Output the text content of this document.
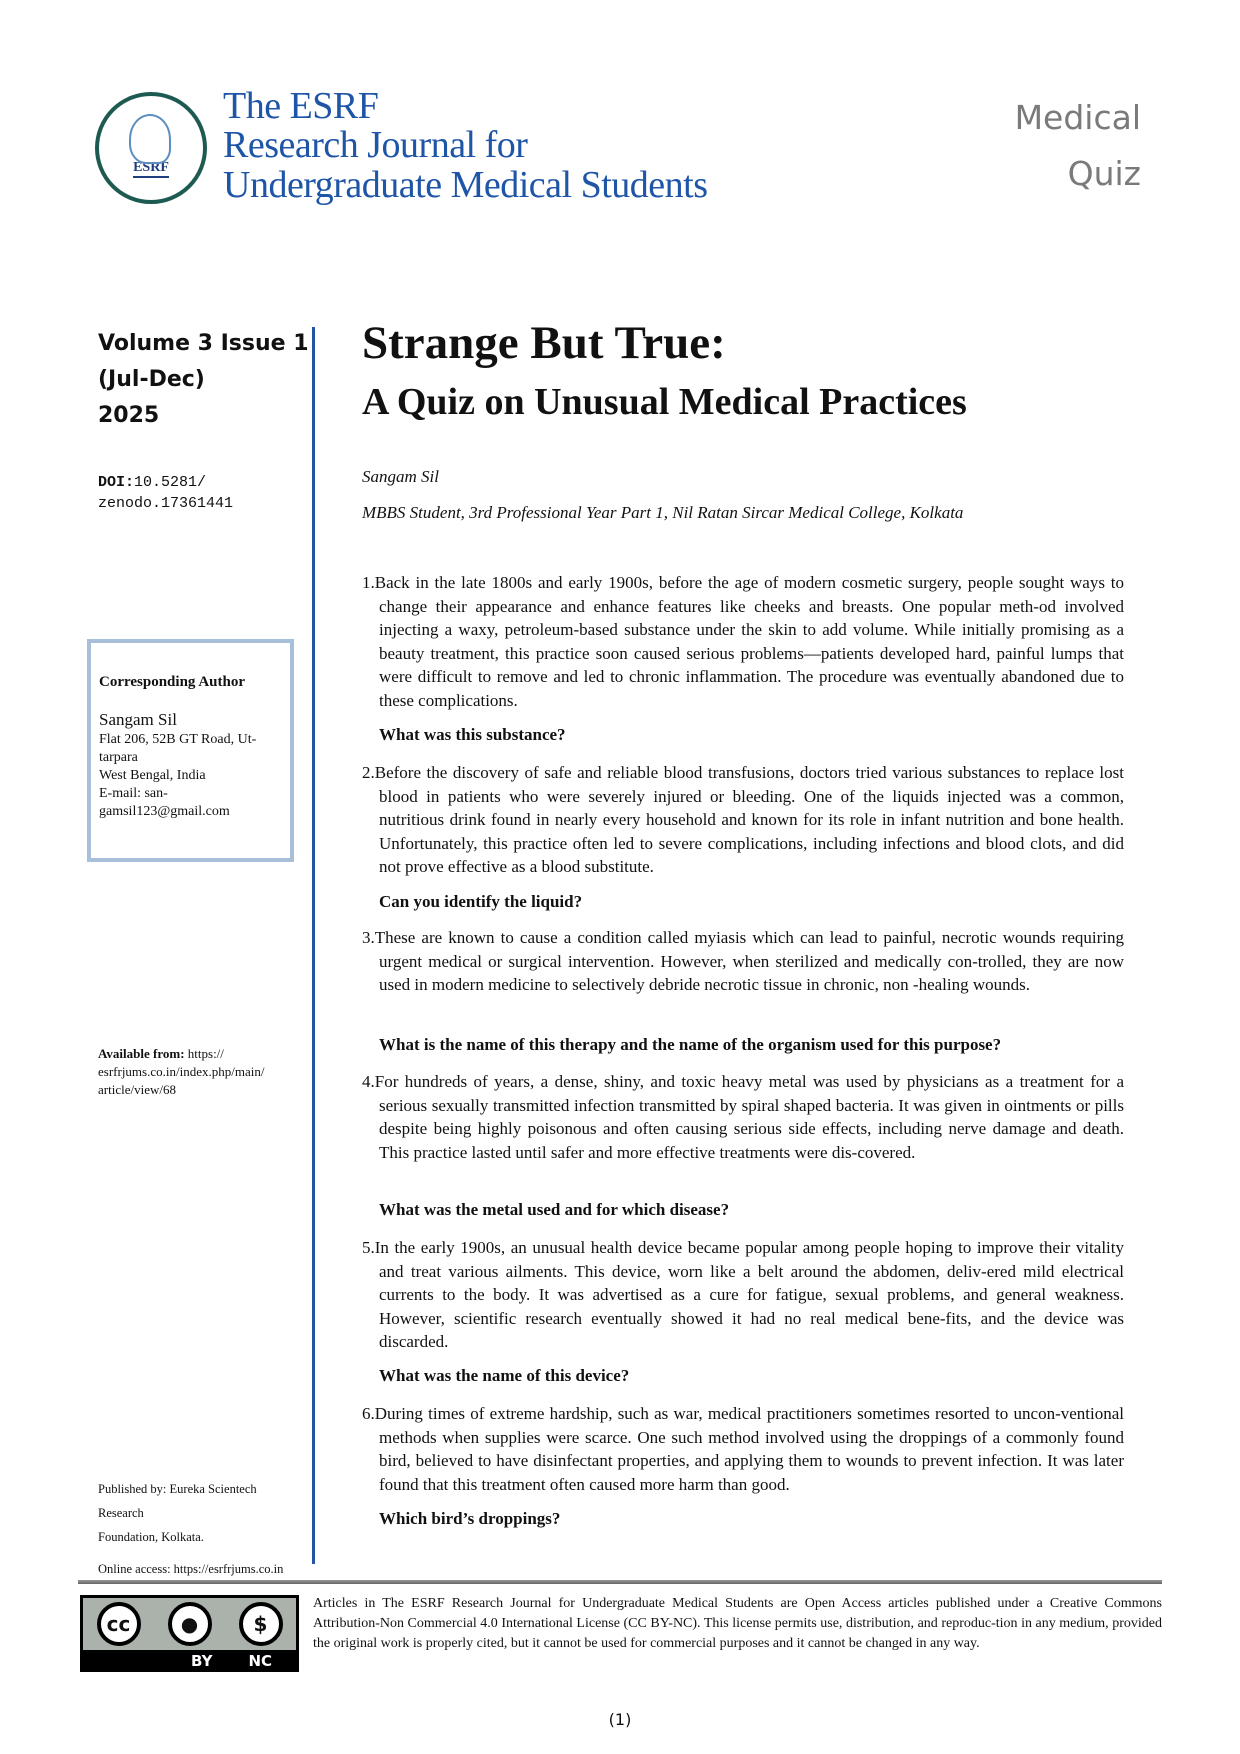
ESRF
The ESRF
Research Journal for
Undergraduate Medical Students
Medical
Quiz
Volume 3 Issue 1
(Jul-Dec)
2025
DOI:10.5281/
zenodo.17361441
Corresponding Author
Sangam Sil
Flat 206, 52B GT Road, Ut-
tarpara
West Bengal, India
E-mail: san-
gamsil123@gmail.com
Available from: https://
esrfrjums.co.in/index.php/main/
article/view/68
Published by: Eureka Scientech Research
Foundation, Kolkata.
Online access: https://esrfrjums.co.in
Strange But True:
A Quiz on Unusual Medical Practices
Sangam Sil
MBBS Student, 3rd Professional Year Part 1, Nil Ratan Sircar Medical College, Kolkata
1.Back in the late 1800s and early 1900s, before the age of modern cosmetic surgery, people sought ways to change their appearance and enhance features like cheeks and breasts. One popular meth-od involved injecting a waxy, petroleum-based substance under the skin to add volume. While initially promising as a beauty treatment, this practice soon caused serious problems—patients developed hard, painful lumps that were difficult to remove and led to chronic inflammation. The procedure was eventually abandoned due to these complications.
What was this substance?
2.Before the discovery of safe and reliable blood transfusions, doctors tried various substances to replace lost blood in patients who were severely injured or bleeding. One of the liquids injected was a common, nutritious drink found in nearly every household and known for its role in infant nutrition and bone health. Unfortunately, this practice often led to severe complications, including infections and blood clots, and did not prove effective as a blood substitute.
Can you identify the liquid?
3.These are known to cause a condition called myiasis which can lead to painful, necrotic wounds requiring urgent medical or surgical intervention. However, when sterilized and medically con-trolled, they are now used in modern medicine to selectively debride necrotic tissue in chronic, non -healing wounds.
What is the name of this therapy and the name of the organism used for this purpose?
4.For hundreds of years, a dense, shiny, and toxic heavy metal was used by physicians as a treatment for a serious sexually transmitted infection transmitted by spiral shaped bacteria. It was given in ointments or pills despite being highly poisonous and often causing serious side effects, including nerve damage and death. This practice lasted until safer and more effective treatments were dis-covered.
What was the metal used and for which disease?
5.In the early 1900s, an unusual health device became popular among people hoping to improve their vitality and treat various ailments. This device, worn like a belt around the abdomen, deliv-ered mild electrical currents to the body. It was advertised as a cure for fatigue, sexual problems, and general weakness. However, scientific research eventually showed it had no real medical bene-fits, and the device was discarded.
What was the name of this device?
6.During times of extreme hardship, such as war, medical practitioners sometimes resorted to uncon-ventional methods when supplies were scarce. One such method involved using the droppings of a commonly found bird, believed to have disinfectant properties, and applying them to wounds to prevent infection. It was later found that this treatment often caused more harm than good.
Which bird’s droppings?
cc	●	$
BY NC
Articles in The ESRF Research Journal for Undergraduate Medical Students are Open Access articles published under a Creative Commons Attribution-Non Commercial 4.0 International License (CC BY-NC). This license permits use, distribution, and reproduc-tion in any medium, provided the original work is properly cited, but it cannot be used for commercial purposes and it cannot be changed in any way.
(1)
